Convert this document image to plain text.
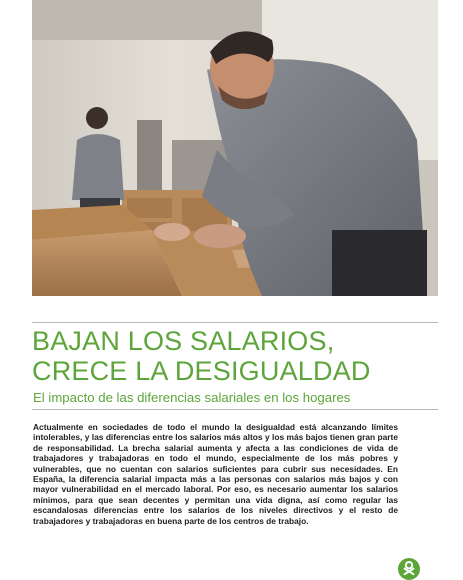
BAJAN LOS SALARIOS,
CRECE LA DESIGUALDAD

El impacto de las diferencias salariales en los hogares

Actualmente en sociedades de todo el mundo la desigualdad está alcanzando límites intolerables, y las diferencias entre los salarios más altos y los más bajos tienen gran parte de responsabilidad. La brecha salarial aumenta y afecta a las condiciones de vida de trabajadores y trabajadoras en todo el mundo, especialmente de los más pobres y vulnerables, que no cuentan con salarios suficientes para cubrir sus necesidades. En España, la diferencia salarial impacta más a las personas con salarios más bajos y con mayor vulnerabilidad en el mercado laboral. Por eso, es necesario aumentar los salarios mínimos, para que sean decentes y permitan una vida digna, así como regular las escandalosas diferencias entre los salarios de los niveles directivos y el resto de trabajadores y trabajadoras en buena parte de los centros de trabajo.
